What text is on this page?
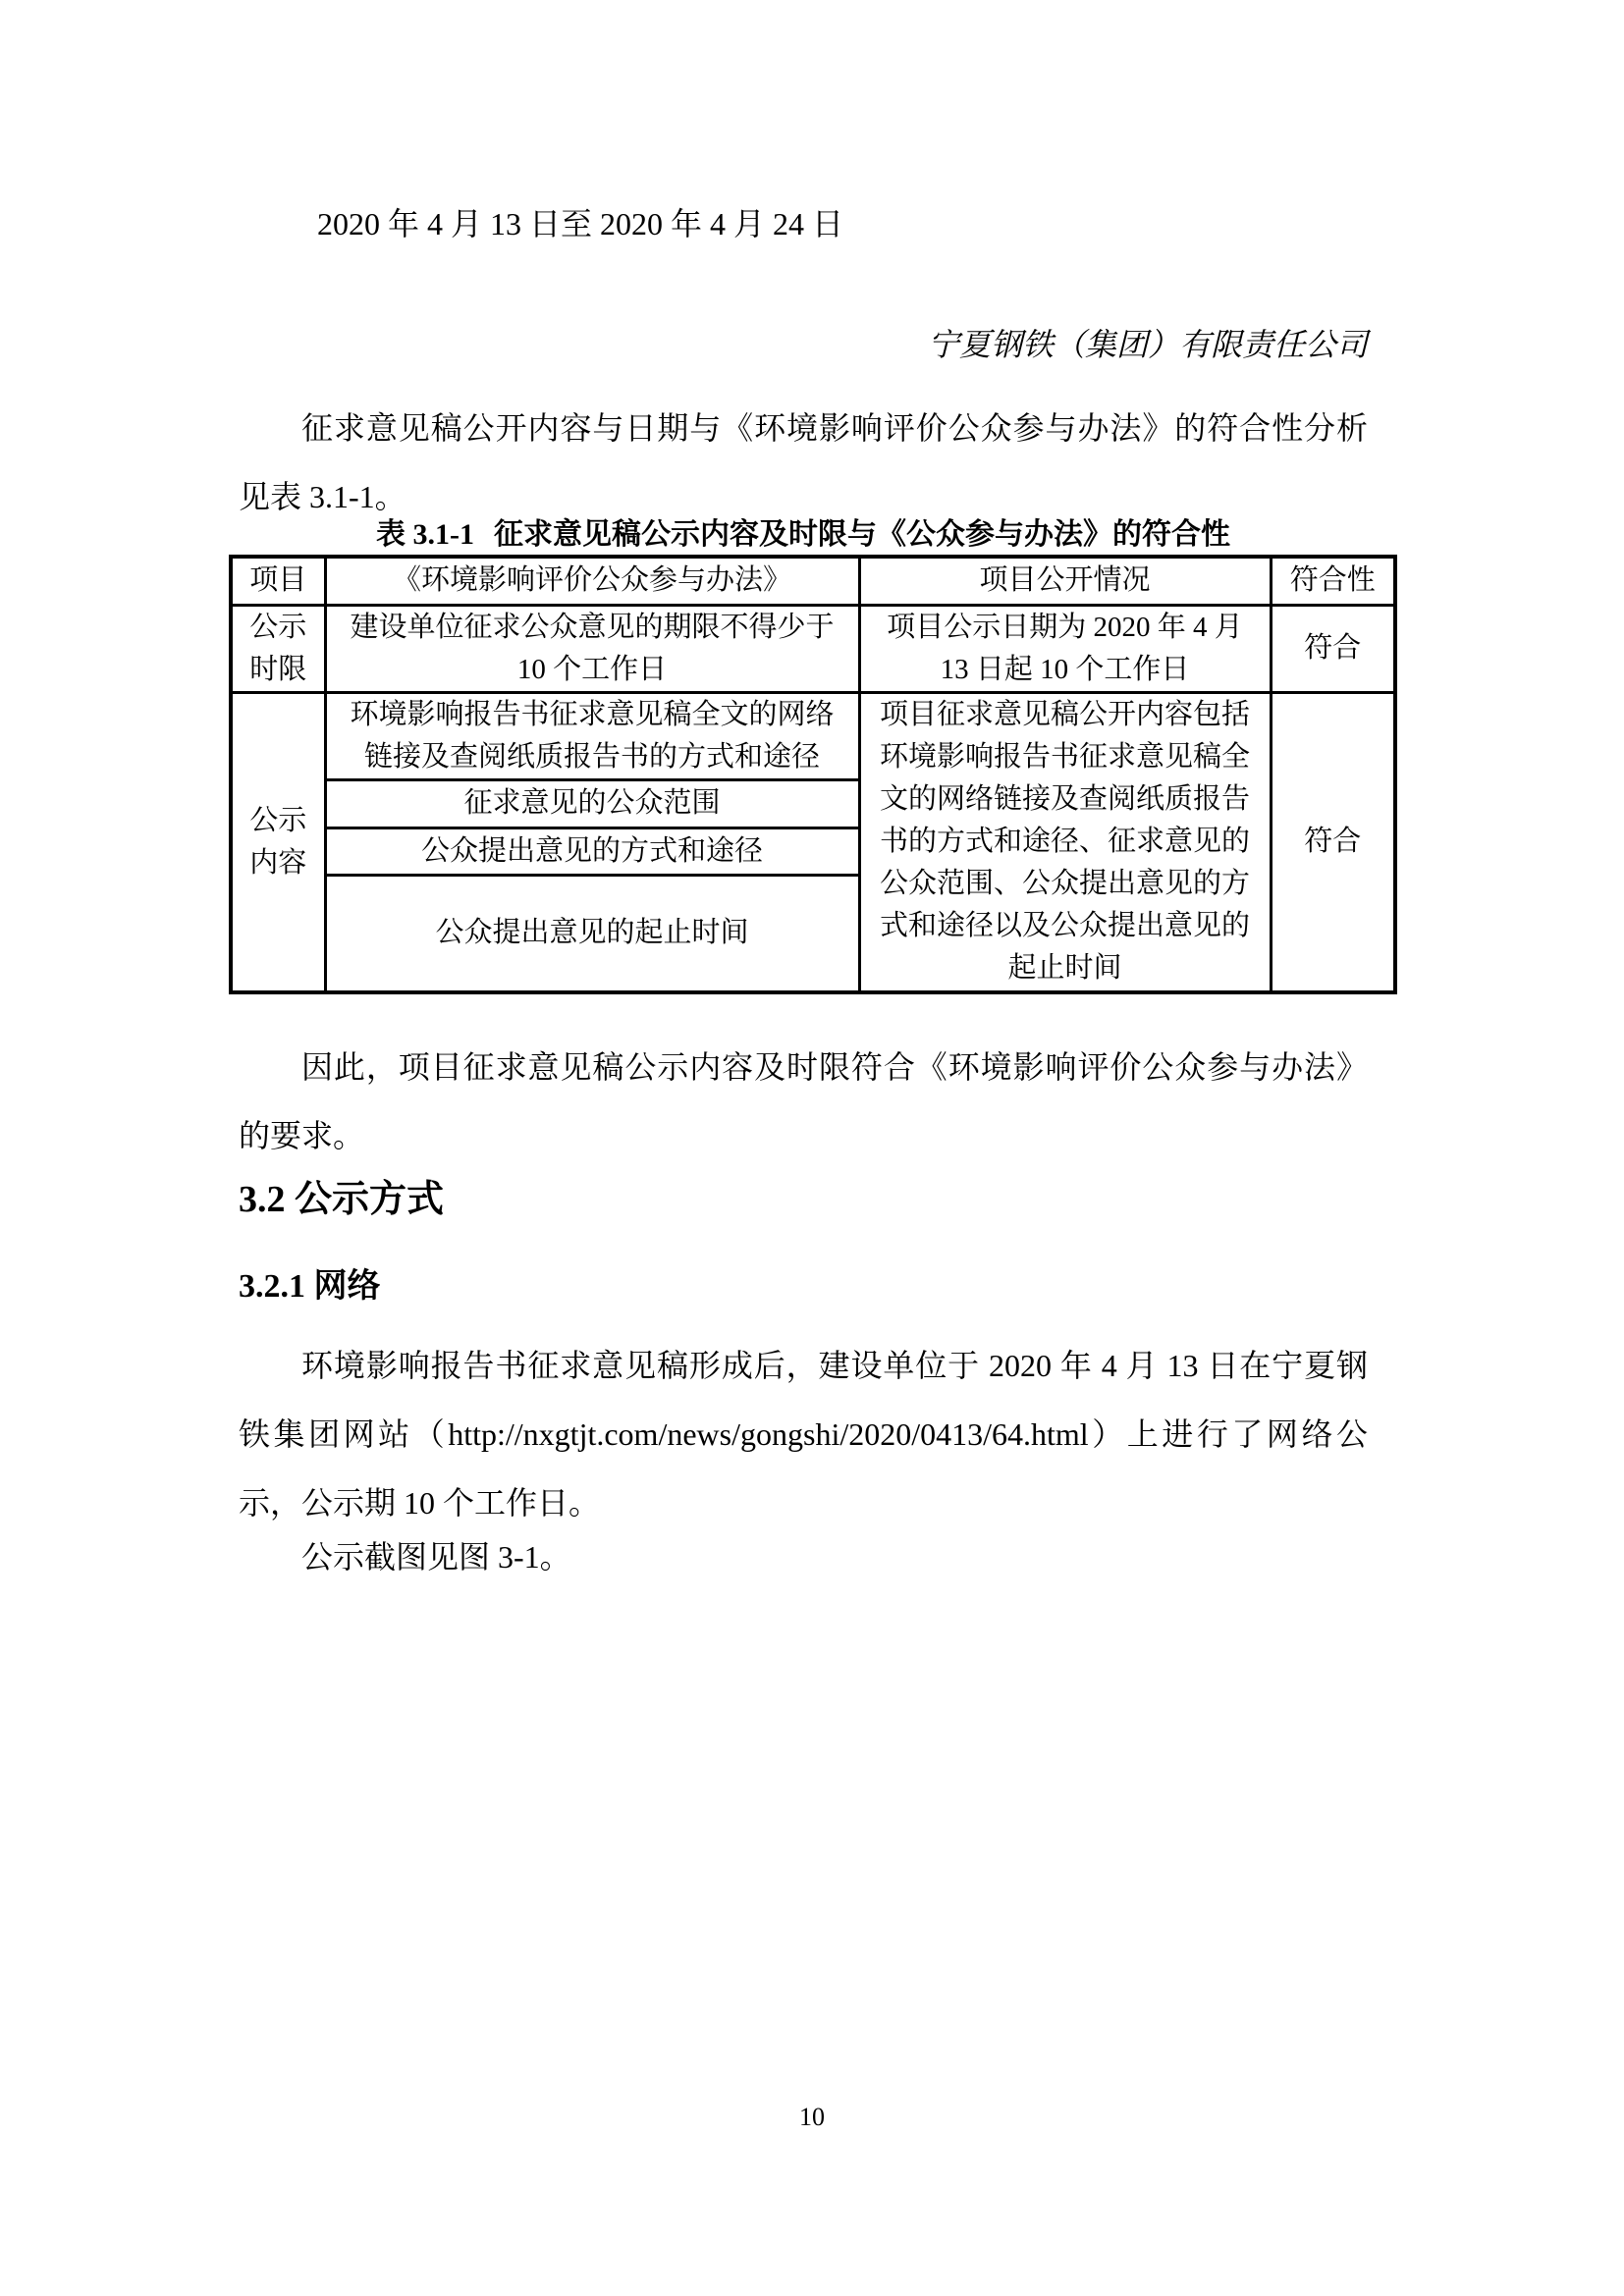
2020 年 4 月 13 日至 2020 年 4 月 24 日

宁夏钢铁（集团）有限责任公司

征求意见稿公开内容与日期与《环境影响评价公众参与办法》的符合性分析见表 3.1-1。

表 3.1-1 征求意见稿公示内容及时限与《公众参与办法》的符合性
项目	《环境影响评价公众参与办法》	项目公开情况	符合性
公示时限	建设单位征求公众意见的期限不得少于 10 个工作日	项目公示日期为 2020 年 4 月 13 日起 10 个工作日	符合
公示内容	环境影响报告书征求意见稿全文的网络链接及查阅纸质报告书的方式和途径	项目征求意见稿公开内容包括环境影响报告书征求意见稿全文的网络链接及查阅纸质报告书的方式和途径、征求意见的公众范围、公众提出意见的方式和途径以及公众提出意见的起止时间	符合
	征求意见的公众范围		
	公众提出意见的方式和途径		
	公众提出意见的起止时间		

因此，项目征求意见稿公示内容及时限符合《环境影响评价公众参与办法》的要求。

3.2 公示方式
3.2.1 网络

环境影响报告书征求意见稿形成后，建设单位于 2020 年 4 月 13 日在宁夏钢铁集团网站（http://nxgtjt.com/news/gongshi/2020/0413/64.html）上进行了网络公示，公示期 10 个工作日。

公示截图见图 3-1。

10
